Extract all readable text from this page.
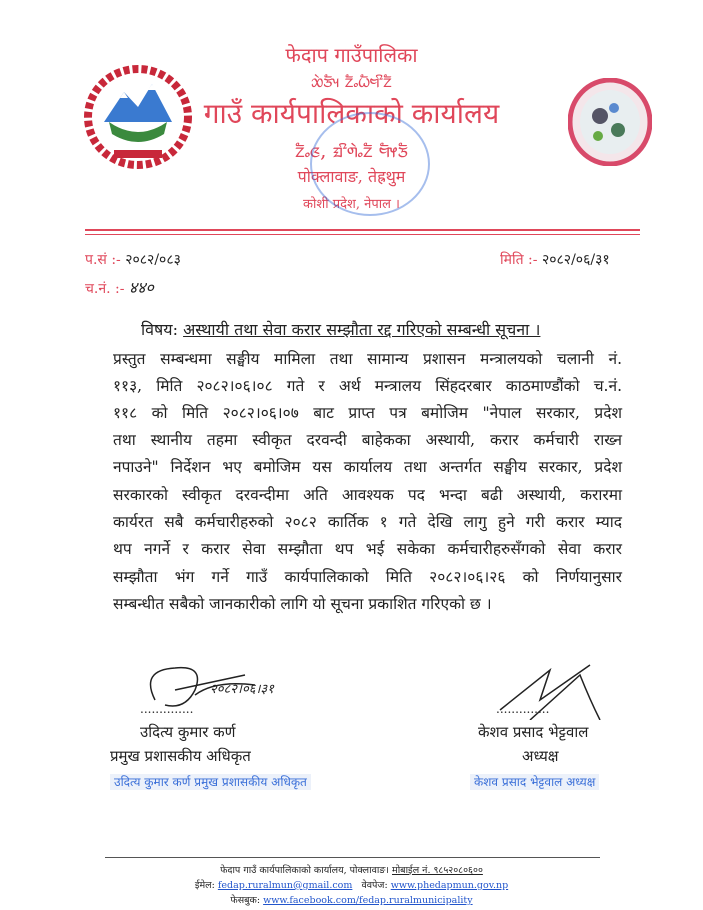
फेदाप गाउँपालिका
ᤑᤧᤍᤠᤵ ᤁᤠᤱᤐᤠᤗᤡᤁᤠ
गाउँ कार्यपालिकाको कार्यालय
ᤁᤠᤱᤜ, ᤀᤡᤛᤧᤱᤁᤠ ᤗᤠᤶᤍᤠ
पोक्लावाङ, तेह्रथुम
कोशी प्रदेश, नेपाल ।
प.सं :- २०८२/०८३
च.नं. :- ४४०
मिति :- २०८२/०६/३१
विषय: अस्थायी तथा सेवा करार सम्झौता रद्द गरिएको सम्बन्धी सूचना ।
प्रस्तुत सम्बन्धमा सङ्घीय मामिला तथा सामान्य प्रशासन मन्त्रालयको चलानी नं.
११३, मिति २०८२।०६।०८ गते र अर्थ मन्त्रालय सिंहदरबार काठमाण्डौंको च.नं.
११८ को मिति २०८२।०६।०७ बाट प्राप्त पत्र बमोजिम "नेपाल सरकार, प्रदेश
तथा स्थानीय तहमा स्वीकृत दरवन्दी बाहेकका अस्थायी, करार कर्मचारी राख्न
नपाउने" निर्देशन भए बमोजिम यस कार्यालय तथा अन्तर्गत सङ्घीय सरकार, प्रदेश
सरकारको स्वीकृत दरवन्दीमा अति आवश्यक पद भन्दा बढी अस्थायी, करारमा
कार्यरत सबै कर्मचारीहरुको २०८२ कार्तिक १ गते देखि लागु हुने गरी करार म्याद
थप नगर्ने र करार सेवा सम्झौता थप भई सकेका कर्मचारीहरुसँगको सेवा करार
सम्झौता भंग गर्ने गाउँ कार्यपालिकाको मिति २०८२।०६।२६ को निर्णयानुसार
सम्बन्धीत सबैको जानकारीको लागि यो सूचना प्रकाशित गरिएको छ ।
२०८२।०६।३१
..............
उदित्य कुमार कर्ण
प्रमुख प्रशासकीय अधिकृत
उदित्य कुमार कर्ण प्रमुख प्रशासकीय अधिकृत
..............
केशव प्रसाद भेट्टवाल
अध्यक्ष
केशव प्रसाद भेट्टवाल अध्यक्ष
फेदाप गाउँ कार्यपालिकाको कार्यालय, पोक्लावाङ। मोबाईल नं. ९८५२०८०६००
ईमेल: fedap.ruralmun@gmail.com वेवपेज: www.phedapmun.gov.np
फेसबुक: www.facebook.com/fedap.ruralmunicipality
